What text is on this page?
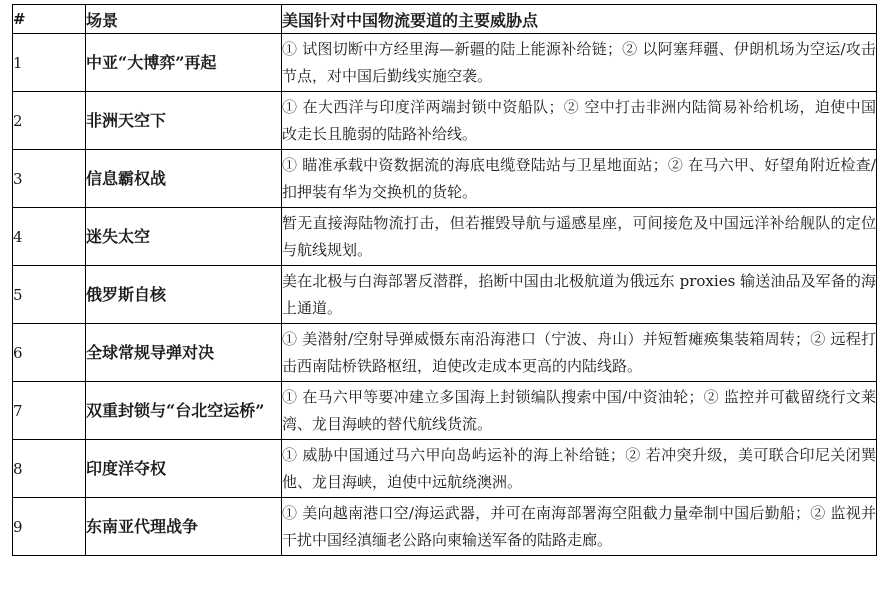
#	场景	美国针对中国物流要道的主要威胁点
1	中亚“大博弈”再起	① 试图切断中方经里海—新疆的陆上能源补给链；② 以阿塞拜疆、伊朗机场为空运/攻击节点，对中国后勤线实施空袭。
2	非洲天空下	① 在大西洋与印度洋两端封锁中资船队；② 空中打击非洲内陆简易补给机场，迫使中国改走长且脆弱的陆路补给线。
3	信息霸权战	① 瞄准承载中资数据流的海底电缆登陆站与卫星地面站；② 在马六甲、好望角附近检查/扣押装有华为交换机的货轮。
4	迷失太空	暂无直接海陆物流打击，但若摧毁导航与遥感星座，可间接危及中国远洋补给舰队的定位与航线规划。
5	俄罗斯自核	美在北极与白海部署反潜群，掐断中国由北极航道为俄远东 proxies 输送油品及军备的海上通道。
6	全球常规导弹对决	① 美潜射/空射导弹威慑东南沿海港口（宁波、舟山）并短暂瘫痪集装箱周转；② 远程打击西南陆桥铁路枢纽，迫使改走成本更高的内陆线路。
7	双重封锁与“台北空运桥”	① 在马六甲等要冲建立多国海上封锁编队搜索中国/中资油轮；② 监控并可截留绕行文莱湾、龙目海峡的替代航线货流。
8	印度洋夺权	① 威胁中国通过马六甲向岛屿运补的海上补给链；② 若冲突升级，美可联合印尼关闭巽他、龙目海峡，迫使中远航绕澳洲。
9	东南亚代理战争	① 美向越南港口空/海运武器，并可在南海部署海空阻截力量牵制中国后勤船；② 监视并干扰中国经滇缅老公路向柬输送军备的陆路走廊。
